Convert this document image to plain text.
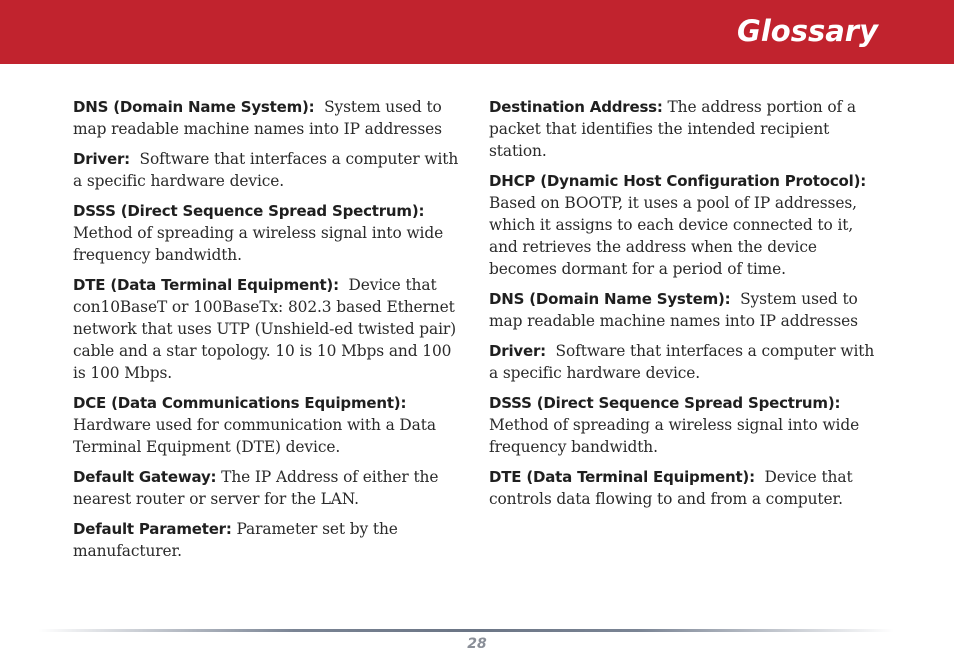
Glossary

DNS (Domain Name System): System used to map readable machine names into IP addresses

Driver: Software that interfaces a computer with a specific hardware device.

DSSS (Direct Sequence Spread Spectrum): Method of spreading a wireless signal into wide frequency bandwidth.

DTE (Data Terminal Equipment): Device that con10BaseT or 100BaseTx: 802.3 based Ethernet network that uses UTP (Unshield-ed twisted pair) cable and a star topology. 10 is 10 Mbps and 100 is 100 Mbps.

DCE (Data Communications Equipment): Hardware used for communication with a Data Terminal Equipment (DTE) device.

Default Gateway: The IP Address of either the nearest router or server for the LAN.

Default Parameter: Parameter set by the manufacturer.

Destination Address: The address portion of a packet that identifies the intended recipient station.

DHCP (Dynamic Host Configuration Protocol): Based on BOOTP, it uses a pool of IP addresses, which it assigns to each device connected to it, and retrieves the address when the device becomes dormant for a period of time.

DNS (Domain Name System): System used to map readable machine names into IP addresses

Driver: Software that interfaces a computer with a specific hardware device.

DSSS (Direct Sequence Spread Spectrum): Method of spreading a wireless signal into wide frequency bandwidth.

DTE (Data Terminal Equipment): Device that controls data flowing to and from a computer.

28
